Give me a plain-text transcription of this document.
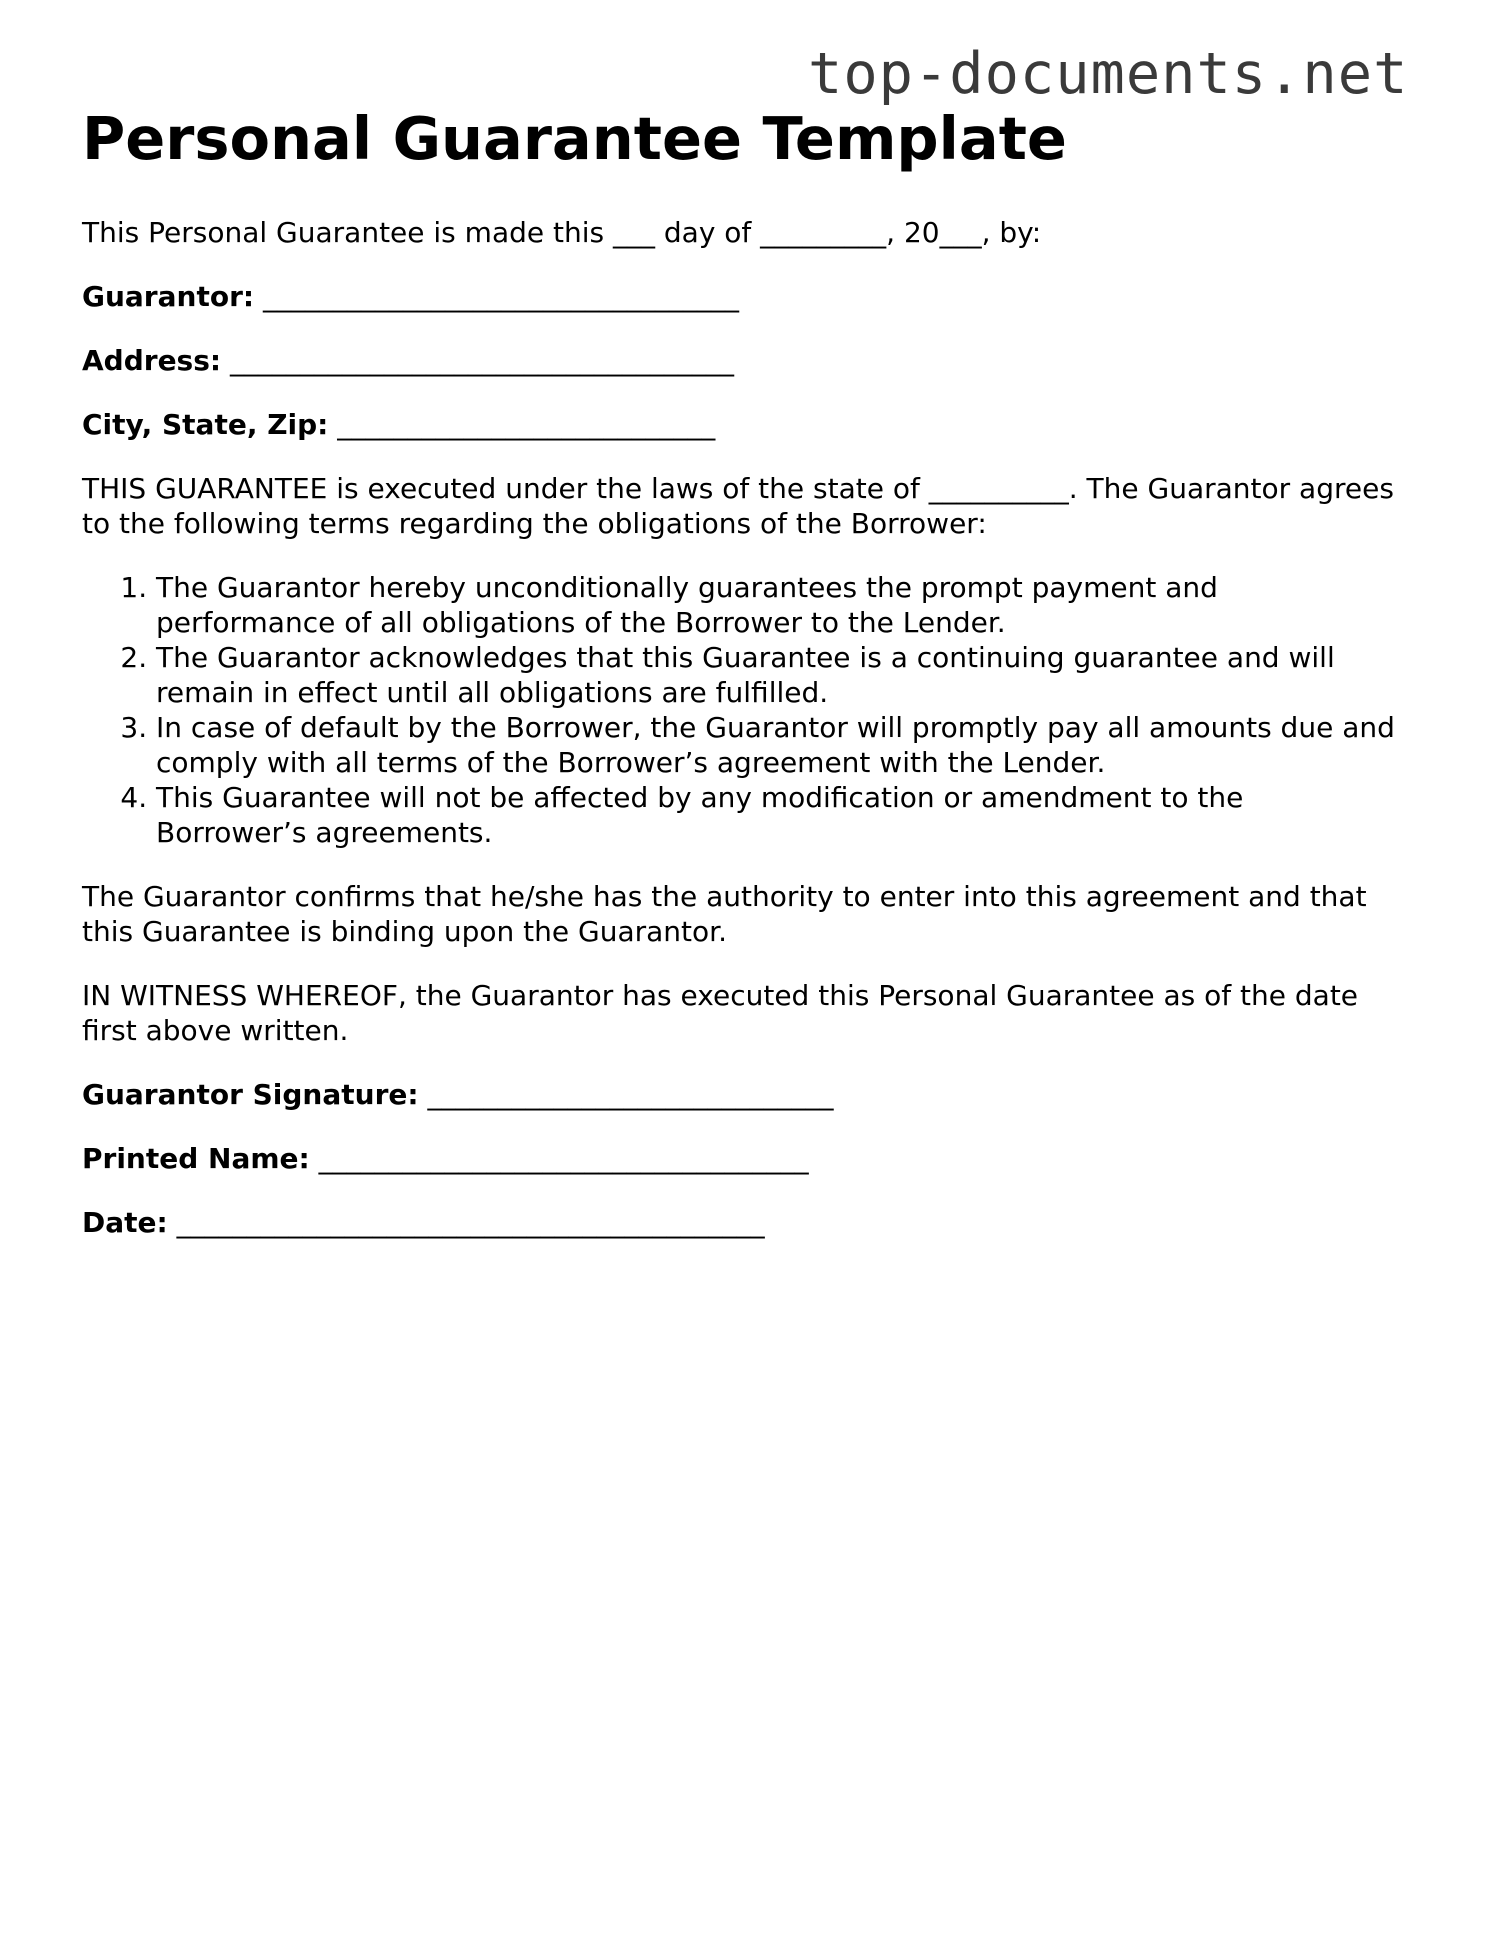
top-documents.net
Personal Guarantee Template

This Personal Guarantee is made this ___ day of _________, 20___, by:

Guarantor: __________________________________
Address: ____________________________________
City, State, Zip: ___________________________

THIS GUARANTEE is executed under the laws of the state of __________. The Guarantor agrees to the following terms regarding the obligations of the Borrower:

1. The Guarantor hereby unconditionally guarantees the prompt payment and performance of all obligations of the Borrower to the Lender.
2. The Guarantor acknowledges that this Guarantee is a continuing guarantee and will remain in effect until all obligations are fulfilled.
3. In case of default by the Borrower, the Guarantor will promptly pay all amounts due and comply with all terms of the Borrower’s agreement with the Lender.
4. This Guarantee will not be affected by any modification or amendment to the Borrower’s agreements.

The Guarantor confirms that he/she has the authority to enter into this agreement and that this Guarantee is binding upon the Guarantor.

IN WITNESS WHEREOF, the Guarantor has executed this Personal Guarantee as of the date first above written.

Guarantor Signature: _____________________________
Printed Name: ___________________________________
Date: __________________________________________
